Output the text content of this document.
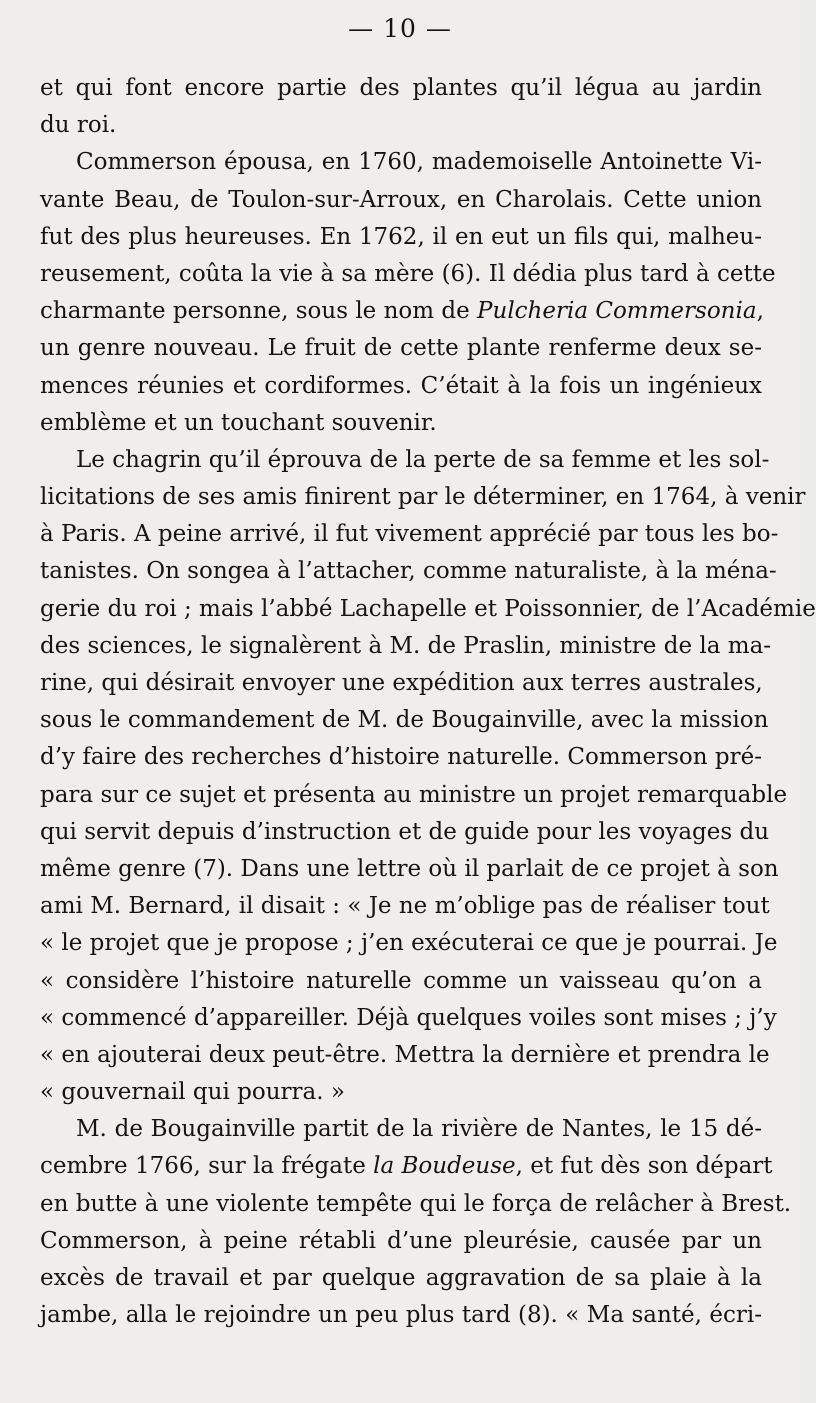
— 10 —
et qui font encore partie des plantes qu’il légua au jardin
du roi.
Commerson épousa, en 1760, mademoiselle Antoinette Vi-
vante Beau, de Toulon-sur-Arroux, en Charolais. Cette union
fut des plus heureuses. En 1762, il en eut un fils qui, malheu-
reusement, coûta la vie à sa mère (6). Il dédia plus tard à cette
charmante personne, sous le nom de Pulcheria Commersonia,
un genre nouveau. Le fruit de cette plante renferme deux se-
mences réunies et cordiformes. C’était à la fois un ingénieux
emblème et un touchant souvenir.
Le chagrin qu’il éprouva de la perte de sa femme et les sol-
licitations de ses amis finirent par le déterminer, en 1764, à venir
à Paris. A peine arrivé, il fut vivement apprécié par tous les bo-
tanistes. On songea à l’attacher, comme naturaliste, à la ména-
gerie du roi ; mais l’abbé Lachapelle et Poissonnier, de l’Académie
des sciences, le signalèrent à M. de Praslin, ministre de la ma-
rine, qui désirait envoyer une expédition aux terres australes,
sous le commandement de M. de Bougainville, avec la mission
d’y faire des recherches d’histoire naturelle. Commerson pré-
para sur ce sujet et présenta au ministre un projet remarquable
qui servit depuis d’instruction et de guide pour les voyages du
même genre (7). Dans une lettre où il parlait de ce projet à son
ami M. Bernard, il disait : « Je ne m’oblige pas de réaliser tout
« le projet que je propose ; j’en exécuterai ce que je pourrai. Je
« considère l’histoire naturelle comme un vaisseau qu’on a
« commencé d’appareiller. Déjà quelques voiles sont mises ; j’y
« en ajouterai deux peut-être. Mettra la dernière et prendra le
« gouvernail qui pourra. »
M. de Bougainville partit de la rivière de Nantes, le 15 dé-
cembre 1766, sur la frégate la Boudeuse, et fut dès son départ
en butte à une violente tempête qui le força de relâcher à Brest.
Commerson, à peine rétabli d’une pleurésie, causée par un
excès de travail et par quelque aggravation de sa plaie à la
jambe, alla le rejoindre un peu plus tard (8). « Ma santé, écri-
